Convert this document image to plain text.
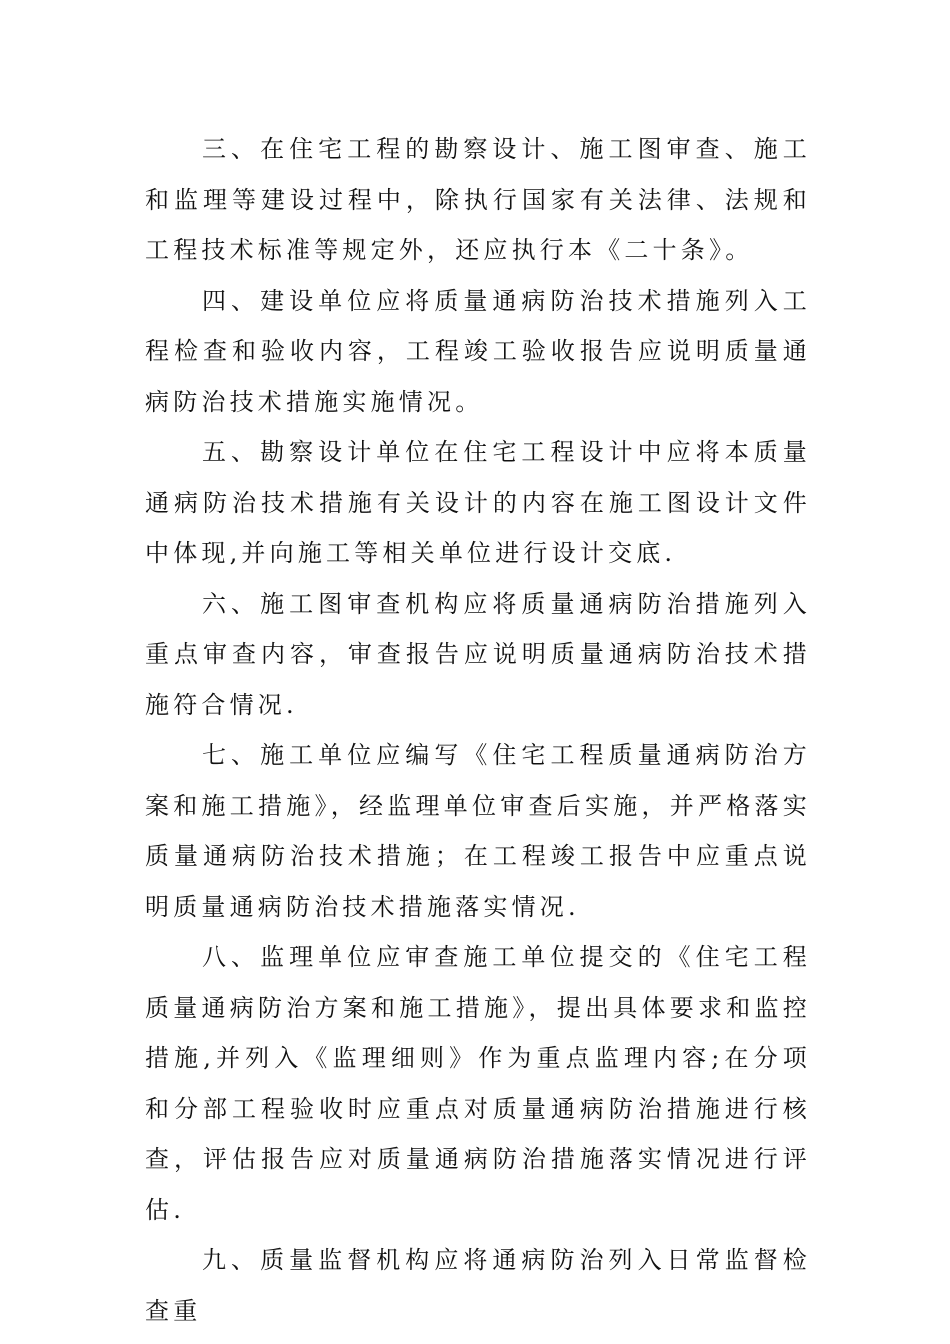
三、在住宅工程的勘察设计、施工图审查、施工和监理等建设过程中，除执行国家有关法律、法规和工程技术标准等规定外，还应执行本《二十条》。

四、建设单位应将质量通病防治技术措施列入工程检查和验收内容，工程竣工验收报告应说明质量通病防治技术措施实施情况。

五、勘察设计单位在住宅工程设计中应将本质量通病防治技术措施有关设计的内容在施工图设计文件中体现,并向施工等相关单位进行设计交底.

六、施工图审查机构应将质量通病防治措施列入重点审查内容，审查报告应说明质量通病防治技术措施符合情况.

七、施工单位应编写《住宅工程质量通病防治方案和施工措施》，经监理单位审查后实施，并严格落实质量通病防治技术措施；在工程竣工报告中应重点说明质量通病防治技术措施落实情况.

八、监理单位应审查施工单位提交的《住宅工程质量通病防治方案和施工措施》，提出具体要求和监控措施,并列入《监理细则》作为重点监理内容;在分项和分部工程验收时应重点对质量通病防治措施进行核查，评估报告应对质量通病防治措施落实情况进行评估.

九、质量监督机构应将通病防治列入日常监督检查重
